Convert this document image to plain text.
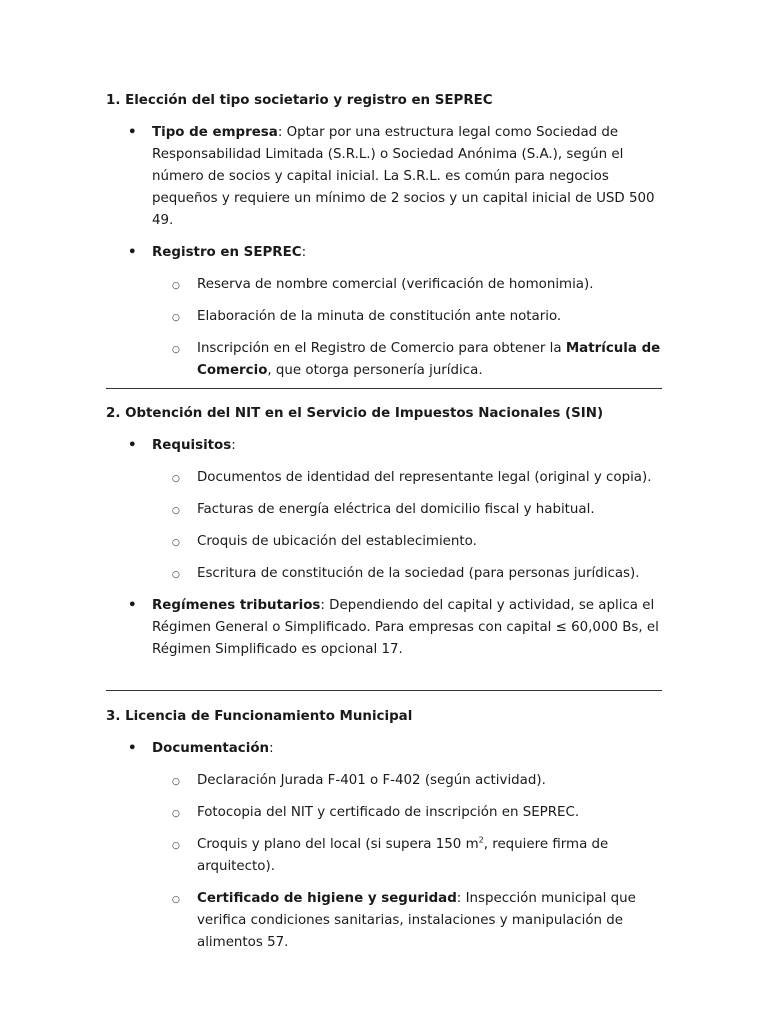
1. Elección del tipo societario y registro en SEPREC

• Tipo de empresa: Optar por una estructura legal como Sociedad de Responsabilidad Limitada (S.R.L.) o Sociedad Anónima (S.A.), según el número de socios y capital inicial. La S.R.L. es común para negocios pequeños y requiere un mínimo de 2 socios y un capital inicial de USD 500 49.
• Registro en SEPREC:
○ Reserva de nombre comercial (verificación de homonimia).
○ Elaboración de la minuta de constitución ante notario.
○ Inscripción en el Registro de Comercio para obtener la Matrícula de Comercio, que otorga personería jurídica.

2. Obtención del NIT en el Servicio de Impuestos Nacionales (SIN)

• Requisitos:
○ Documentos de identidad del representante legal (original y copia).
○ Facturas de energía eléctrica del domicilio fiscal y habitual.
○ Croquis de ubicación del establecimiento.
○ Escritura de constitución de la sociedad (para personas jurídicas).
• Regímenes tributarios: Dependiendo del capital y actividad, se aplica el Régimen General o Simplificado. Para empresas con capital ≤ 60,000 Bs, el Régimen Simplificado es opcional 17.

3. Licencia de Funcionamiento Municipal

• Documentación:
○ Declaración Jurada F-401 o F-402 (según actividad).
○ Fotocopia del NIT y certificado de inscripción en SEPREC.
○ Croquis y plano del local (si supera 150 $m^2$, requiere firma de arquitecto).
○ Certificado de higiene y seguridad: Inspección municipal que verifica condiciones sanitarias, instalaciones y manipulación de alimentos 57.
